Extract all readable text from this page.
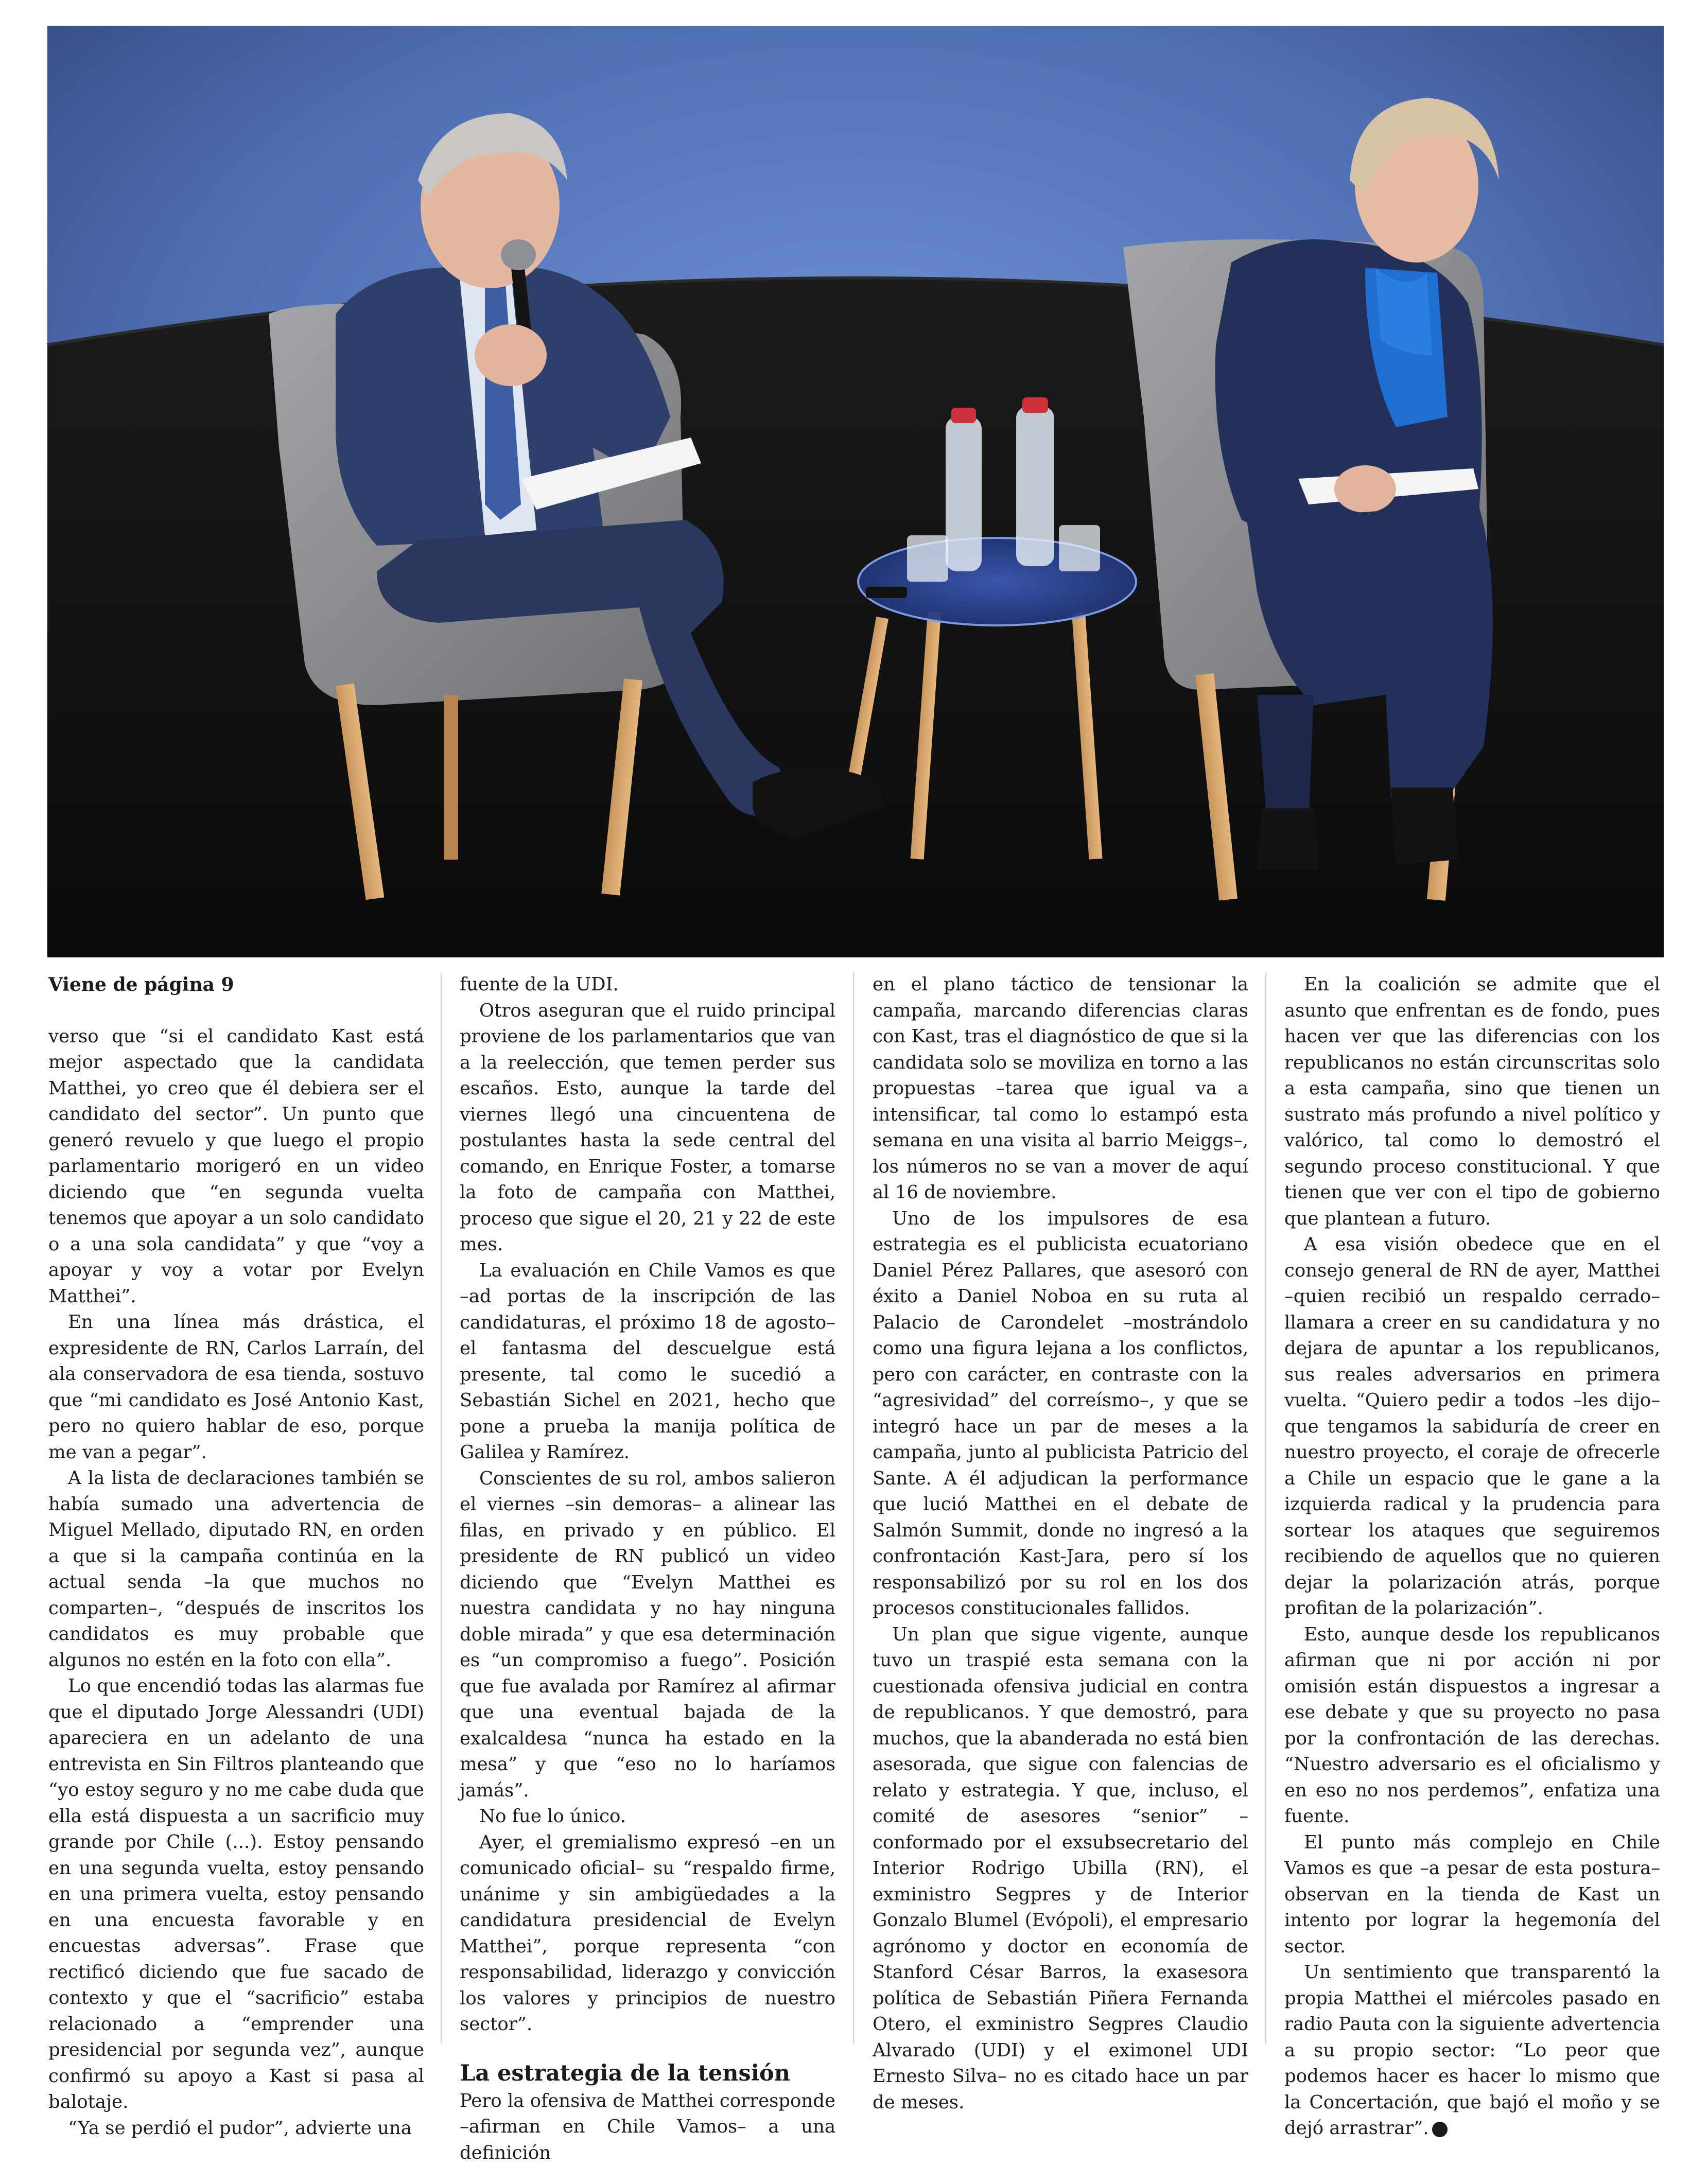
Viene de página 9

verso que “si el candidato Kast está mejor aspectado que la candidata Matthei, yo creo que él debiera ser el candidato del sector”. Un punto que generó revuelo y que luego el propio parlamentario morigeró en un video diciendo que “en segunda vuelta tenemos que apoyar a un solo candidato o a una sola candidata” y que “voy a apoyar y voy a votar por Evelyn Matthei”.

En una línea más drástica, el expresidente de RN, Carlos Larraín, del ala conservadora de esa tienda, sostuvo que “mi candidato es José Antonio Kast, pero no quiero hablar de eso, porque me van a pegar”.

A la lista de declaraciones también se había sumado una advertencia de Miguel Mellado, diputado RN, en orden a que si la campaña continúa en la actual senda –la que muchos no comparten–, “después de inscritos los candidatos es muy probable que algunos no estén en la foto con ella”.

Lo que encendió todas las alarmas fue que el diputado Jorge Alessandri (UDI) apareciera en un adelanto de una entrevista en Sin Filtros planteando que “yo estoy seguro y no me cabe duda que ella está dispuesta a un sacrificio muy grande por Chile (...). Estoy pensando en una segunda vuelta, estoy pensando en una primera vuelta, estoy pensando en una encuesta favorable y en encuestas adversas”. Frase que rectificó diciendo que fue sacado de contexto y que el “sacrificio” estaba relacionado a “emprender una presidencial por segunda vez”, aunque confirmó su apoyo a Kast si pasa al balotaje.

“Ya se perdió el pudor”, advierte una

fuente de la UDI.

Otros aseguran que el ruido principal proviene de los parlamentarios que van a la reelección, que temen perder sus escaños. Esto, aunque la tarde del viernes llegó una cincuentena de postulantes hasta la sede central del comando, en Enrique Foster, a tomarse la foto de campaña con Matthei, proceso que sigue el 20, 21 y 22 de este mes.

La evaluación en Chile Vamos es que –ad portas de la inscripción de las candidaturas, el próximo 18 de agosto– el fantasma del descuelgue está presente, tal como le sucedió a Sebastián Sichel en 2021, hecho que pone a prueba la manija política de Galilea y Ramírez.

Conscientes de su rol, ambos salieron el viernes –sin demoras– a alinear las filas, en privado y en público. El presidente de RN publicó un video diciendo que “Evelyn Matthei es nuestra candidata y no hay ninguna doble mirada” y que esa determinación es “un compromiso a fuego”. Posición que fue avalada por Ramírez al afirmar que una eventual bajada de la exalcaldesa “nunca ha estado en la mesa” y que “eso no lo haríamos jamás”.

No fue lo único.

Ayer, el gremialismo expresó –en un comunicado oficial– su “respaldo firme, unánime y sin ambigüedades a la candidatura presidencial de Evelyn Matthei”, porque representa “con responsabilidad, liderazgo y convicción los valores y principios de nuestro sector”.

La estrategia de la tensión

Pero la ofensiva de Matthei corresponde –afirman en Chile Vamos– a una definición

en el plano táctico de tensionar la campaña, marcando diferencias claras con Kast, tras el diagnóstico de que si la candidata solo se moviliza en torno a las propuestas –tarea que igual va a intensificar, tal como lo estampó esta semana en una visita al barrio Meiggs–, los números no se van a mover de aquí al 16 de noviembre.

Uno de los impulsores de esa estrategia es el publicista ecuatoriano Daniel Pérez Pallares, que asesoró con éxito a Daniel Noboa en su ruta al Palacio de Carondelet –mostrándolo como una figura lejana a los conflictos, pero con carácter, en contraste con la “agresividad” del correísmo–, y que se integró hace un par de meses a la campaña, junto al publicista Patricio del Sante. A él adjudican la performance que lució Matthei en el debate de Salmón Summit, donde no ingresó a la confrontación Kast-Jara, pero sí los responsabilizó por su rol en los dos procesos constitucionales fallidos.

Un plan que sigue vigente, aunque tuvo un traspié esta semana con la cuestionada ofensiva judicial en contra de republicanos. Y que demostró, para muchos, que la abanderada no está bien asesorada, que sigue con falencias de relato y estrategia. Y que, incluso, el comité de asesores “senior” –conformado por el exsubsecretario del Interior Rodrigo Ubilla (RN), el exministro Segpres y de Interior Gonzalo Blumel (Evópoli), el empresario agrónomo y doctor en economía de Stanford César Barros, la exasesora política de Sebastián Piñera Fernanda Otero, el exministro Segpres Claudio Alvarado (UDI) y el eximonel UDI Ernesto Silva– no es citado hace un par de meses.

En la coalición se admite que el asunto que enfrentan es de fondo, pues hacen ver que las diferencias con los republicanos no están circunscritas solo a esta campaña, sino que tienen un sustrato más profundo a nivel político y valórico, tal como lo demostró el segundo proceso constitucional. Y que tienen que ver con el tipo de gobierno que plantean a futuro.

A esa visión obedece que en el consejo general de RN de ayer, Matthei –quien recibió un respaldo cerrado– llamara a creer en su candidatura y no dejara de apuntar a los republicanos, sus reales adversarios en primera vuelta. “Quiero pedir a todos –les dijo– que tengamos la sabiduría de creer en nuestro proyecto, el coraje de ofrecerle a Chile un espacio que le gane a la izquierda radical y la prudencia para sortear los ataques que seguiremos recibiendo de aquellos que no quieren dejar la polarización atrás, porque profitan de la polarización”.

Esto, aunque desde los republicanos afirman que ni por acción ni por omisión están dispuestos a ingresar a ese debate y que su proyecto no pasa por la confrontación de las derechas. “Nuestro adversario es el oficialismo y en eso no nos perdemos”, enfatiza una fuente.

El punto más complejo en Chile Vamos es que –a pesar de esta postura– observan en la tienda de Kast un intento por lograr la hegemonía del sector.

Un sentimiento que transparentó la propia Matthei el miércoles pasado en radio Pauta con la siguiente advertencia a su propio sector: “Lo peor que podemos hacer es hacer lo mismo que la Concertación, que bajó el moño y se dejó arrastrar”. D
